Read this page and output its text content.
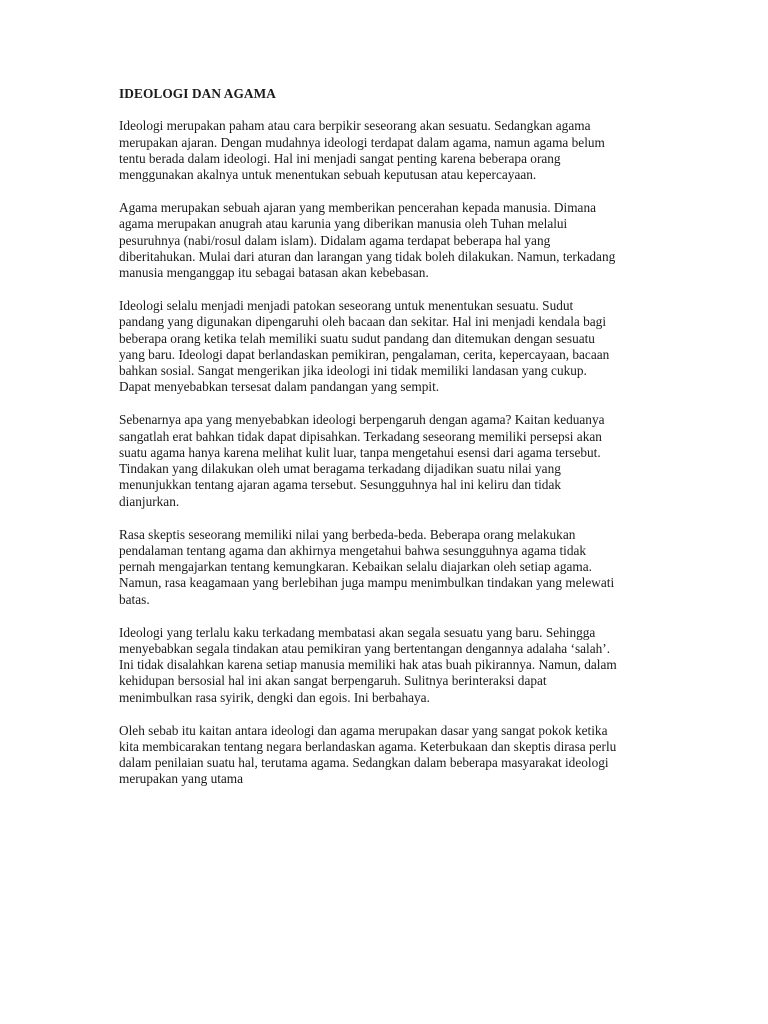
IDEOLOGI DAN AGAMA
Ideologi merupakan paham atau cara berpikir seseorang akan sesuatu. Sedangkan agama
merupakan ajaran. Dengan mudahnya ideologi terdapat dalam agama, namun agama belum
tentu berada dalam ideologi. Hal ini menjadi sangat penting karena beberapa orang
menggunakan akalnya untuk menentukan sebuah keputusan atau kepercayaan.
Agama merupakan sebuah ajaran yang memberikan pencerahan kepada manusia. Dimana
agama merupakan anugrah atau karunia yang diberikan manusia oleh Tuhan melalui
pesuruhnya (nabi/rosul dalam islam). Didalam agama terdapat beberapa hal yang
diberitahukan. Mulai dari aturan dan larangan yang tidak boleh dilakukan. Namun, terkadang
manusia menganggap itu sebagai batasan akan kebebasan.
Ideologi selalu menjadi menjadi patokan seseorang untuk menentukan sesuatu. Sudut
pandang yang digunakan dipengaruhi oleh bacaan dan sekitar. Hal ini menjadi kendala bagi
beberapa orang ketika telah memiliki suatu sudut pandang dan ditemukan dengan sesuatu
yang baru. Ideologi dapat berlandaskan pemikiran, pengalaman, cerita, kepercayaan, bacaan
bahkan sosial. Sangat mengerikan jika ideologi ini tidak memiliki landasan yang cukup.
Dapat menyebabkan tersesat dalam pandangan yang sempit.
Sebenarnya apa yang menyebabkan ideologi berpengaruh dengan agama? Kaitan keduanya
sangatlah erat bahkan tidak dapat dipisahkan. Terkadang seseorang memiliki persepsi akan
suatu agama hanya karena melihat kulit luar, tanpa mengetahui esensi dari agama tersebut.
Tindakan yang dilakukan oleh umat beragama terkadang dijadikan suatu nilai yang
menunjukkan tentang ajaran agama tersebut. Sesungguhnya hal ini keliru dan tidak
dianjurkan.
Rasa skeptis seseorang memiliki nilai yang berbeda-beda. Beberapa orang melakukan
pendalaman tentang agama dan akhirnya mengetahui bahwa sesungguhnya agama tidak
pernah mengajarkan tentang kemungkaran. Kebaikan selalu diajarkan oleh setiap agama.
Namun, rasa keagamaan yang berlebihan juga mampu menimbulkan tindakan yang melewati
batas.
Ideologi yang terlalu kaku terkadang membatasi akan segala sesuatu yang baru. Sehingga
menyebabkan segala tindakan atau pemikiran yang bertentangan dengannya adalaha ‘salah’.
Ini tidak disalahkan karena setiap manusia memiliki hak atas buah pikirannya. Namun, dalam
kehidupan bersosial hal ini akan sangat berpengaruh. Sulitnya berinteraksi dapat
menimbulkan rasa syirik, dengki dan egois. Ini berbahaya.
Oleh sebab itu kaitan antara ideologi dan agama merupakan dasar yang sangat pokok ketika
kita membicarakan tentang negara berlandaskan agama. Keterbukaan dan skeptis dirasa perlu
dalam penilaian suatu hal, terutama agama. Sedangkan dalam beberapa masyarakat ideologi
merupakan yang utama
